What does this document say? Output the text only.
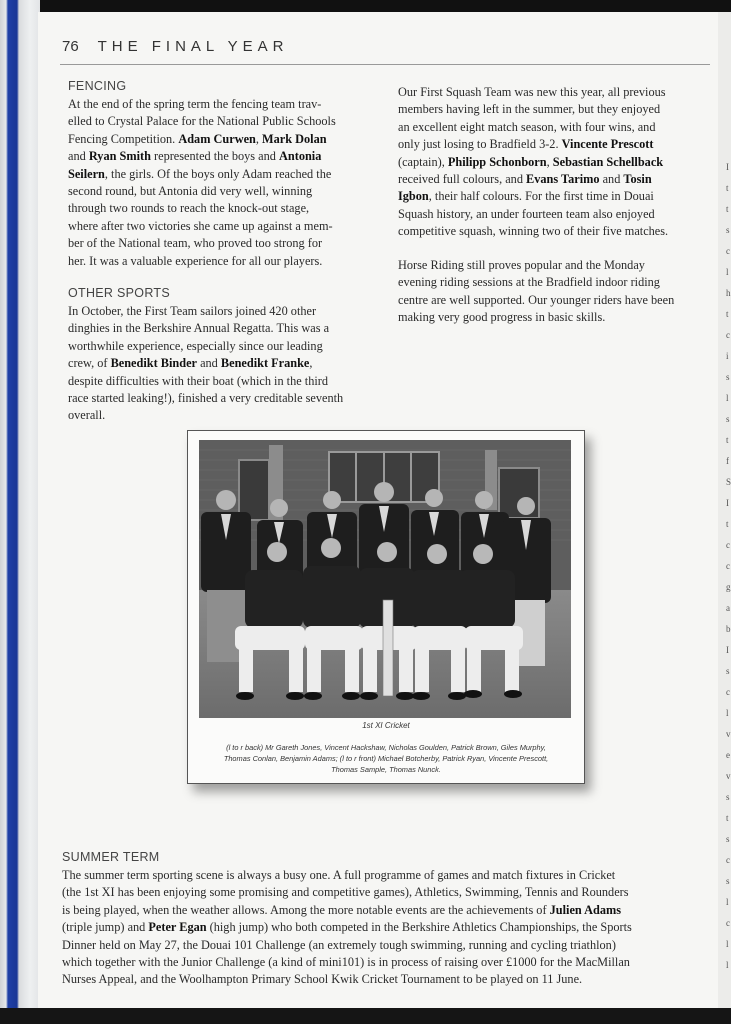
I
t
t
s
c
l
h
t
c
i
s
l
s
t
f
S
I
t
c
c
g
a
b
I
s
c
l
v
e
v
s
t
s
c
s
l
c
l
l
76 THE FINAL YEAR
FENCING
At the end of the spring term the fencing team trav-
elled to Crystal Palace for the National Public Schools
Fencing Competition. Adam Curwen, Mark Dolan
and Ryan Smith represented the boys and Antonia
Seilern, the girls. Of the boys only Adam reached the
second round, but Antonia did very well, winning
through two rounds to reach the knock-out stage,
where after two victories she came up against a mem-
ber of the National team, who proved too strong for
her. It was a valuable experience for all our players.
OTHER SPORTS
In October, the First Team sailors joined 420 other
dinghies in the Berkshire Annual Regatta. This was a
worthwhile experience, especially since our leading
crew, of Benedikt Binder and Benedikt Franke,
despite difficulties with their boat (which in the third
race started leaking!), finished a very creditable seventh
overall.
Our First Squash Team was new this year, all previous
members having left in the summer, but they enjoyed
an excellent eight match season, with four wins, and
only just losing to Bradfield 3-2. Vincente Prescott
(captain), Philipp Schonborn, Sebastian Schellback
received full colours, and Evans Tarimo and Tosin
Igbon, their half colours. For the first time in Douai
Squash history, an under fourteen team also enjoyed
competitive squash, winning two of their five matches.
Horse Riding still proves popular and the Monday
evening riding sessions at the Bradfield indoor riding
centre are well supported. Our younger riders have been
making very good progress in basic skills.
1st XI Cricket
(l to r back) Mr Gareth Jones, Vincent Hackshaw, Nicholas Goulden, Patrick Brown, Giles Murphy,
Thomas Conlan, Benjamin Adams; (l to r front) Michael Botcherby, Patrick Ryan, Vincente Prescott,
Thomas Sample, Thomas Nunck.
SUMMER TERM
The summer term sporting scene is always a busy one. A full programme of games and match fixtures in Cricket
(the 1st XI has been enjoying some promising and competitive games), Athletics, Swimming, Tennis and Rounders
is being played, when the weather allows. Among the more notable events are the achievements of Julien Adams
(triple jump) and Peter Egan (high jump) who both competed in the Berkshire Athletics Championships, the Sports
Dinner held on May 27, the Douai 101 Challenge (an extremely tough swimming, running and cycling triathlon)
which together with the Junior Challenge (a kind of mini101) is in process of raising over £1000 for the MacMillan
Nurses Appeal, and the Woolhampton Primary School Kwik Cricket Tournament to be played on 11 June.
